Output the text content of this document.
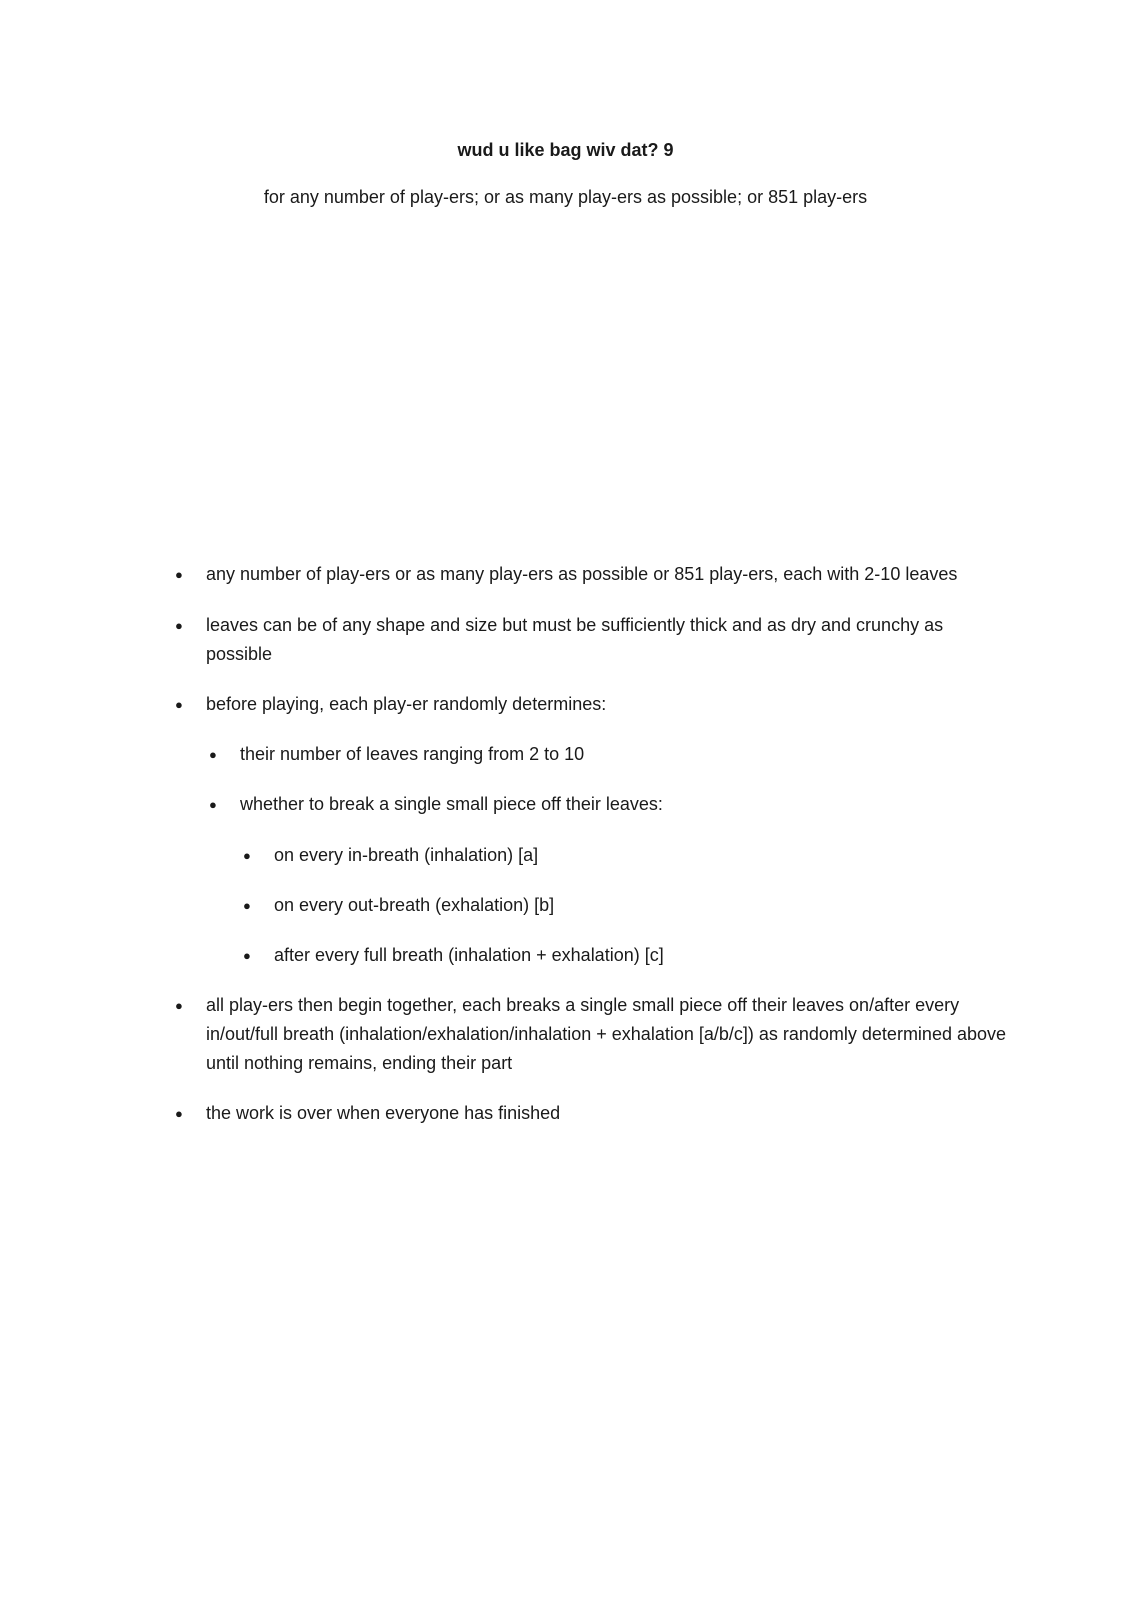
wud u like bag wiv dat? 9

for any number of play-ers; or as many play-ers as possible; or 851 play-ers

● any number of play-ers or as many play-ers as possible or 851 play-ers, each with 2-10 leaves
● leaves can be of any shape and size but must be sufficiently thick and as dry and crunchy as possible
● before playing, each play-er randomly determines:
● their number of leaves ranging from 2 to 10
● whether to break a single small piece off their leaves:
● on every in-breath (inhalation) [a]
● on every out-breath (exhalation) [b]
● after every full breath (inhalation + exhalation) [c]
● all play-ers then begin together, each breaks a single small piece off their leaves on/after every in/out/full breath (inhalation/exhalation/inhalation + exhalation [a/b/c]) as randomly determined above until nothing remains, ending their part
● the work is over when everyone has finished
